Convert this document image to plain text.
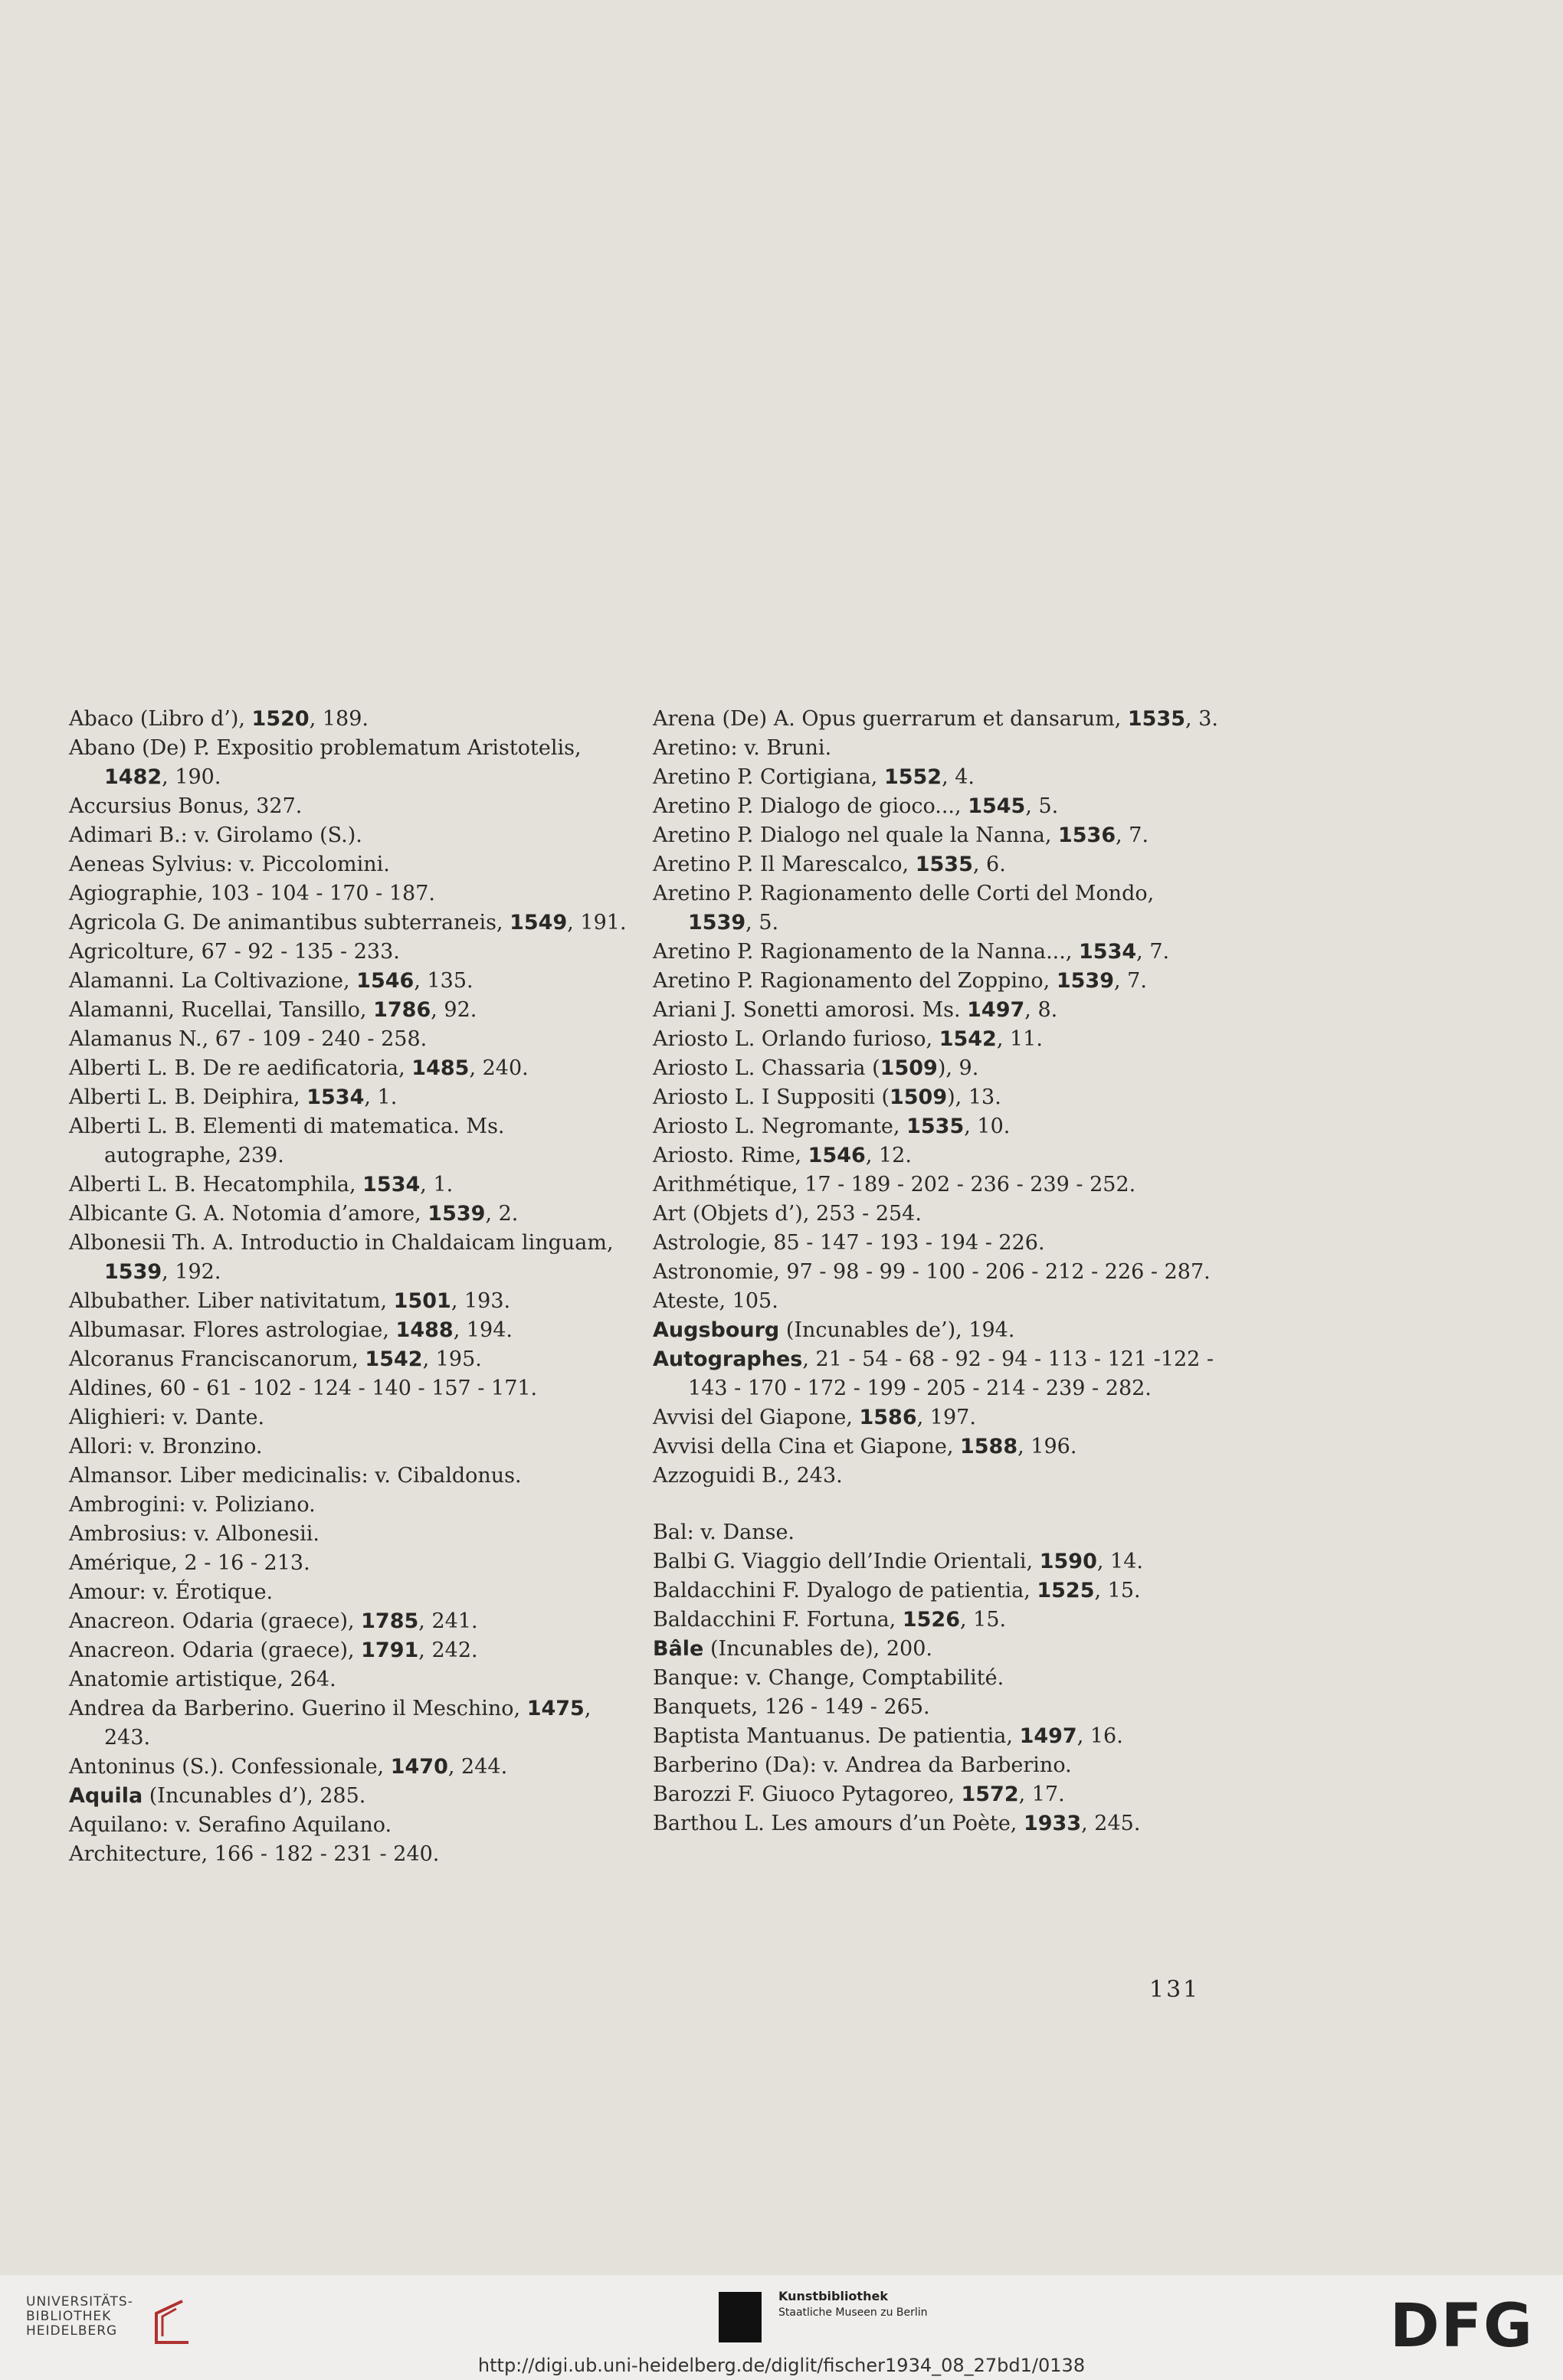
Abaco (Libro d’), 1520, 189.

Abano (De) P. Expositio problematum Aristotelis, 1482, 190.

Accursius Bonus, 327.

Adimari B.: v. Girolamo (S.).

Aeneas Sylvius: v. Piccolomini.

Agiographie, 103 - 104 - 170 - 187.

Agricola G. De animantibus subterraneis, 1549, 191.

Agricolture, 67 - 92 - 135 - 233.

Alamanni. La Coltivazione, 1546, 135.

Alamanni, Rucellai, Tansillo, 1786, 92.

Alamanus N., 67 - 109 - 240 - 258.

Alberti L. B. De re aedificatoria, 1485, 240.

Alberti L. B. Deiphira, 1534, 1.

Alberti L. B. Elementi di matematica. Ms. autographe, 239.

Alberti L. B. Hecatomphila, 1534, 1.

Albicante G. A. Notomia d’amore, 1539, 2.

Albonesii Th. A. Introductio in Chaldaicam linguam, 1539, 192.

Albubather. Liber nativitatum, 1501, 193.

Albumasar. Flores astrologiae, 1488, 194.

Alcoranus Franciscanorum, 1542, 195.

Aldines, 60 - 61 - 102 - 124 - 140 - 157 - 171.

Alighieri: v. Dante.

Allori: v. Bronzino.

Almansor. Liber medicinalis: v. Cibaldonus.

Ambrogini: v. Poliziano.

Ambrosius: v. Albonesii.

Amérique, 2 - 16 - 213.

Amour: v. Érotique.

Anacreon. Odaria (graece), 1785, 241.

Anacreon. Odaria (graece), 1791, 242.

Anatomie artistique, 264.

Andrea da Barberino. Guerino il Meschino, 1475, 243.

Antoninus (S.). Confessionale, 1470, 244.

Aquila (Incunables d’), 285.

Aquilano: v. Serafino Aquilano.

Architecture, 166 - 182 - 231 - 240.

Arena (De) A. Opus guerrarum et dansarum, 1535, 3.

Aretino: v. Bruni.

Aretino P. Cortigiana, 1552, 4.

Aretino P. Dialogo de gioco..., 1545, 5.

Aretino P. Dialogo nel quale la Nanna, 1536, 7.

Aretino P. Il Marescalco, 1535, 6.

Aretino P. Ragionamento delle Corti del Mondo, 1539, 5.

Aretino P. Ragionamento de la Nanna..., 1534, 7.

Aretino P. Ragionamento del Zoppino, 1539, 7.

Ariani J. Sonetti amorosi. Ms. 1497, 8.

Ariosto L. Orlando furioso, 1542, 11.

Ariosto L. Chassaria (1509), 9.

Ariosto L. I Suppositi (1509), 13.

Ariosto L. Negromante, 1535, 10.

Ariosto. Rime, 1546, 12.

Arithmétique, 17 - 189 - 202 - 236 - 239 - 252.

Art (Objets d’), 253 - 254.

Astrologie, 85 - 147 - 193 - 194 - 226.

Astronomie, 97 - 98 - 99 - 100 - 206 - 212 - 226 - 287.

Ateste, 105.

Augsbourg (Incunables de’), 194.

Autographes, 21 - 54 - 68 - 92 - 94 - 113 - 121 -122 - 143 - 170 - 172 - 199 - 205 - 214 - 239 - 282.

Avvisi del Giapone, 1586, 197.

Avvisi della Cina et Giapone, 1588, 196.

Azzoguidi B., 243.

Bal: v. Danse.

Balbi G. Viaggio dell’Indie Orientali, 1590, 14.

Baldacchini F. Dyalogo de patientia, 1525, 15.

Baldacchini F. Fortuna, 1526, 15.

Bâle (Incunables de), 200.

Banque: v. Change, Comptabilité.

Banquets, 126 - 149 - 265.

Baptista Mantuanus. De patientia, 1497, 16.

Barberino (Da): v. Andrea da Barberino.

Barozzi F. Giuoco Pytagoreo, 1572, 17.

Barthou L. Les amours d’un Poète, 1933, 245.

131
UNIVERSITÄTS-
BIBLIOTHEK
HEIDELBERG
Kunstbibliothek
Staatliche Museen zu Berlin	DFG
http://digi.ub.uni-heidelberg.de/diglit/fischer1934_08_27bd1/0138
